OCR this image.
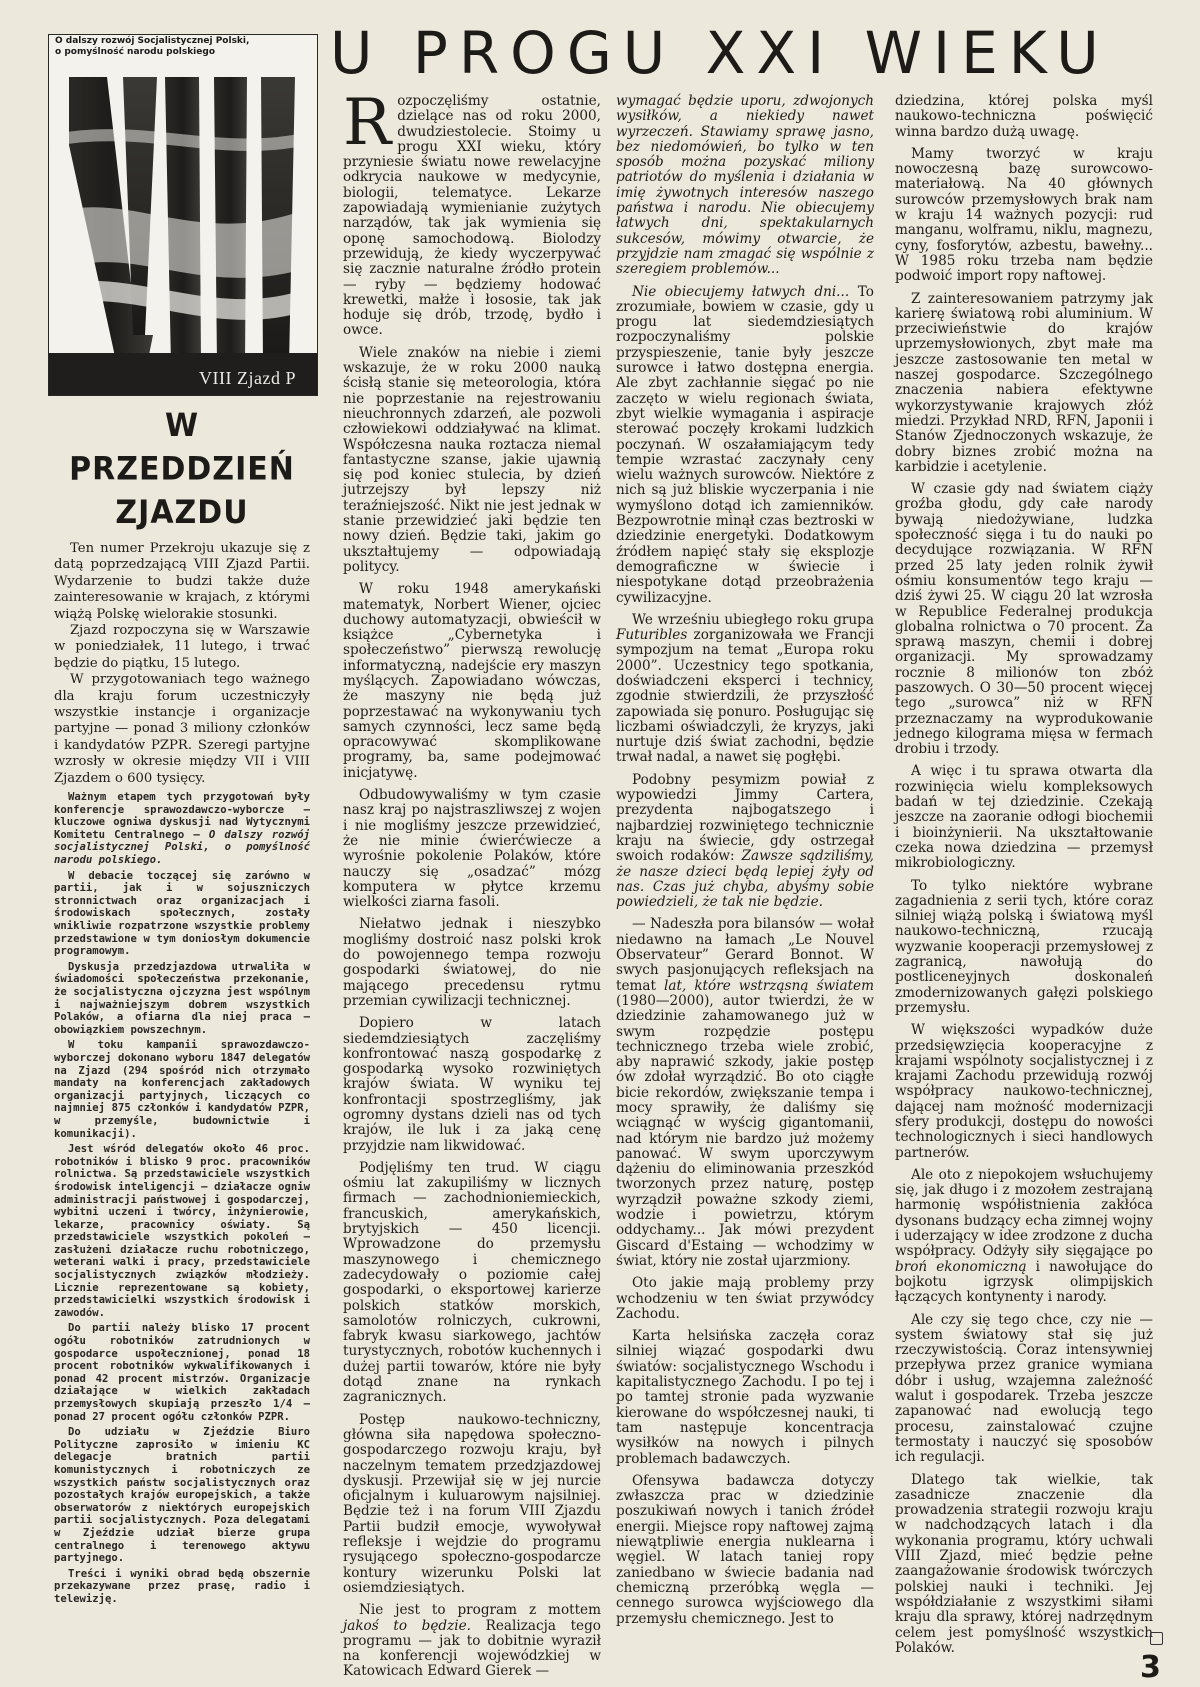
O dalszy rozwój Socjalistycznej Polski,
o pomyślność narodu polskiego
VIII Zjazd P
U PROGU XXI WIEKU
W PRZEDDZIEŃ
ZJAZDU

Ten numer Przekroju ukazuje się z datą poprzedzającą VIII Zjazd Partii. Wydarzenie to budzi także duże zainteresowanie w krajach, z którymi wiążą Polskę wielorakie stosunki.

Zjazd rozpoczyna się w Warszawie w poniedziałek, 11 lutego, i trwać będzie do piątku, 15 lutego.

W przygotowaniach tego ważnego dla kraju forum uczestniczyły wszystkie instancje i organizacje partyjne — ponad 3 miliony członków i kandydatów PZPR. Szeregi partyjne wzrosły w okresie między VII i VIII Zjazdem o 600 tysięcy.

Ważnym etapem tych przygotowań były konferencje sprawozdawczo-wyborcze — kluczowe ogniwa dyskusji nad Wytycznymi Komitetu Centralnego — O dalszy rozwój socjalistycznej Polski, o pomyślność narodu polskiego.

W debacie toczącej się zarówno w partii, jak i w sojuszniczych stronnictwach oraz organizacjach i środowiskach społecznych, zostały wnikliwie rozpatrzone wszystkie problemy przedstawione w tym doniosłym dokumencie programowym.

Dyskusja przedzjazdowa utrwaliła w świadomości społeczeństwa przekonanie, że socjalistyczna ojczyzna jest wspólnym i najważniejszym dobrem wszystkich Polaków, a ofiarna dla niej praca — obowiązkiem powszechnym.

W toku kampanii sprawozdawczo-wyborczej dokonano wyboru 1847 delegatów na Zjazd (294 spośród nich otrzymało mandaty na konferencjach zakładowych organizacji partyjnych, liczących co najmniej 875 członków i kandydatów PZPR, w przemyśle, budownictwie i komunikacji).

Jest wśród delegatów około 46 proc. robotników i blisko 9 proc. pracowników rolnictwa. Są przedstawiciele wszystkich środowisk inteligencji — działacze ogniw administracji państwowej i gospodarczej, wybitni uczeni i twórcy, inżynierowie, lekarze, pracownicy oświaty. Są przedstawiciele wszystkich pokoleń — zasłużeni działacze ruchu robotniczego, weterani walki i pracy, przedstawiciele socjalistycznych związków młodzieży. Licznie reprezentowane są kobiety, przedstawicielki wszystkich środowisk i zawodów.

Do partii należy blisko 17 procent ogółu robotników zatrudnionych w gospodarce uspołecznionej, ponad 18 procent robotników wykwalifikowanych i ponad 42 procent mistrzów. Organizacje działające w wielkich zakładach przemysłowych skupiają przeszło 1/4 — ponad 27 procent ogółu członków PZPR.

Do udziału w Zjeździe Biuro Polityczne zaprosiło w imieniu KC delegacje bratnich partii komunistycznych i robotniczych ze wszystkich państw socjalistycznych oraz pozostałych krajów europejskich, a także obserwatorów z niektórych europejskich partii socjalistycznych. Poza delegatami w Zjeździe udział bierze grupa centralnego i terenowego aktywu partyjnego.

Treści i wyniki obrad będą obszernie przekazywane przez prasę, radio i telewizję.

Rozpoczęliśmy ostatnie, dzielące nas od roku 2000, dwudziestolecie. Stoimy u progu XXI wieku, który przyniesie światu nowe rewelacyjne odkrycia naukowe w medycynie, biologii, telematyce. Lekarze zapowiadają wymienianie zużytych narządów, tak jak wymienia się oponę samochodową. Biolodzy przewidują, że kiedy wyczerpywać się zacznie naturalne źródło protein — ryby — będziemy hodować krewetki, małże i łososie, tak jak hoduje się drób, trzodę, bydło i owce.

Wiele znaków na niebie i ziemi wskazuje, że w roku 2000 nauką ścisłą stanie się meteorologia, która nie poprzestanie na rejestrowaniu nieuchronnych zdarzeń, ale pozwoli człowiekowi oddziaływać na klimat. Współczesna nauka roztacza niemal fantastyczne szanse, jakie ujawnią się pod koniec stulecia, by dzień jutrzejszy był lepszy niż teraźniejszość. Nikt nie jest jednak w stanie przewidzieć jaki będzie ten nowy dzień. Będzie taki, jakim go ukształtujemy — odpowiadają politycy.

W roku 1948 amerykański matematyk, Norbert Wiener, ojciec duchowy automatyzacji, obwieścił w książce „Cybernetyka i społeczeństwo” pierwszą rewolucję informatyczną, nadejście ery maszyn myślących. Zapowiadano wówczas, że maszyny nie będą już poprzestawać na wykonywaniu tych samych czynności, lecz same będą opracowywać skomplikowane programy, ba, same podejmować inicjatywę.

Odbudowywaliśmy w tym czasie nasz kraj po najstraszliwszej z wojen i nie mogliśmy jeszcze przewidzieć, że nie minie ćwierćwiecze a wyrośnie pokolenie Polaków, które nauczy się „osadzać” mózg komputera w płytce krzemu wielkości ziarna fasoli.

Niełatwo jednak i nieszybko mogliśmy dostroić nasz polski krok do powojennego tempa rozwoju gospodarki światowej, do nie mającego precedensu rytmu przemian cywilizacji technicznej.

Dopiero w latach siedemdziesiątych zaczęliśmy konfrontować naszą gospodarkę z gospodarką wysoko rozwiniętych krajów świata. W wyniku tej konfrontacji spostrzegliśmy, jak ogromny dystans dzieli nas od tych krajów, ile luk i za jaką cenę przyjdzie nam likwidować.

Podjęliśmy ten trud. W ciągu ośmiu lat zakupiliśmy w licznych firmach — zachodnioniemieckich, francuskich, amerykańskich, brytyjskich — 450 licencji. Wprowadzone do przemysłu maszynowego i chemicznego zadecydowały o poziomie całej gospodarki, o eksportowej karierze polskich statków morskich, samolotów rolniczych, cukrowni, fabryk kwasu siarkowego, jachtów turystycznych, robotów kuchennych i dużej partii towarów, które nie były dotąd znane na rynkach zagranicznych.

Postęp naukowo-techniczny, główna siła napędowa społeczno-gospodarczego rozwoju kraju, był naczelnym tematem przedzjazdowej dyskusji. Przewijał się w jej nurcie oficjalnym i kuluarowym najsilniej. Będzie też i na forum VIII Zjazdu Partii budził emocje, wywoływał refleksje i wejdzie do programu rysującego społeczno-gospodarcze kontury wizerunku Polski lat osiemdziesiątych.

Nie jest to program z mottem jakoś to będzie. Realizacja tego programu — jak to dobitnie wyraził na konferencji wojewódzkiej w Katowicach Edward Gierek —

wymagać będzie uporu, zdwojonych wysiłków, a niekiedy nawet wyrzeczeń. Stawiamy sprawę jasno, bez niedomówień, bo tylko w ten sposób można pozyskać miliony patriotów do myślenia i działania w imię żywotnych interesów naszego państwa i narodu. Nie obiecujemy łatwych dni, spektakularnych sukcesów, mówimy otwarcie, że przyjdzie nam zmagać się wspólnie z szeregiem problemów...

Nie obiecujemy łatwych dni... To zrozumiałe, bowiem w czasie, gdy u progu lat siedemdziesiątych rozpoczynaliśmy polskie przyspieszenie, tanie były jeszcze surowce i łatwo dostępna energia. Ale zbyt zachłannie sięgać po nie zaczęto w wielu regionach świata, zbyt wielkie wymagania i aspiracje sterować poczęły krokami ludzkich poczynań. W oszałamiającym tedy tempie wzrastać zaczynały ceny wielu ważnych surowców. Niektóre z nich są już bliskie wyczerpania i nie wymyślono dotąd ich zamienników. Bezpowrotnie minął czas beztroski w dziedzinie energetyki. Dodatkowym źródłem napięć stały się eksplozje demograficzne w świecie i niespotykane dotąd przeobrażenia cywilizacyjne.

We wrześniu ubiegłego roku grupa Futuribles zorganizowała we Francji sympozjum na temat „Europa roku 2000”. Uczestnicy tego spotkania, doświadczeni eksperci i technicy, zgodnie stwierdzili, że przyszłość zapowiada się ponuro. Posługując się liczbami oświadczyli, że kryzys, jaki nurtuje dziś świat zachodni, będzie trwał nadal, a nawet się pogłębi.

Podobny pesymizm powiał z wypowiedzi Jimmy Cartera, prezydenta najbogatszego i najbardziej rozwiniętego technicznie kraju na świecie, gdy ostrzegał swoich rodaków: Zawsze sądziliśmy, że nasze dzieci będą lepiej żyły od nas. Czas już chyba, abyśmy sobie powiedzieli, że tak nie będzie.

— Nadeszła pora bilansów — wołał niedawno na łamach „Le Nouvel Observateur” Gerard Bonnot. W swych pasjonujących refleksjach na temat lat, które wstrząsną światem (1980—2000), autor twierdzi, że w dziedzinie zahamowanego już w swym rozpędzie postępu technicznego trzeba wiele zrobić, aby naprawić szkody, jakie postęp ów zdołał wyrządzić. Bo oto ciągłe bicie rekordów, zwiększanie tempa i mocy sprawiły, że daliśmy się wciągnąć w wyścig gigantomanii, nad którym nie bardzo już możemy panować. W swym uporczywym dążeniu do eliminowania przeszkód tworzonych przez naturę, postęp wyrządził poważne szkody ziemi, wodzie i powietrzu, którym oddychamy... Jak mówi prezydent Giscard d'Estaing — wchodzimy w świat, który nie został ujarzmiony.

Oto jakie mają problemy przy wchodzeniu w ten świat przywódcy Zachodu.

Karta helsińska zaczęła coraz silniej wiązać gospodarki dwu światów: socjalistycznego Wschodu i kapitalistycznego Zachodu. I po tej i po tamtej stronie pada wyzwanie kierowane do współczesnej nauki, ti tam następuje koncentracja wysiłków na nowych i pilnych problemach badawczych.

Ofensywa badawcza dotyczy zwłaszcza prac w dziedzinie poszukiwań nowych i tanich źródeł energii. Miejsce ropy naftowej zajmą niewątpliwie energia nuklearna i węgiel. W latach taniej ropy zaniedbano w świecie badania nad chemiczną przeróbką węgla — cennego surowca wyjściowego dla przemysłu chemicznego. Jest to

dziedzina, której polska myśl naukowo-techniczna poświęcić winna bardzo dużą uwagę.

Mamy tworzyć w kraju nowoczesną bazę surowcowo-materiałową. Na 40 głównych surowców przemysłowych brak nam w kraju 14 ważnych pozycji: rud manganu, wolframu, niklu, magnezu, cyny, fosforytów, azbestu, bawełny... W 1985 roku trzeba nam będzie podwoić import ropy naftowej.

Z zainteresowaniem patrzymy jak karierę światową robi aluminium. W przeciwieństwie do krajów uprzemysłowionych, zbyt małe ma jeszcze zastosowanie ten metal w naszej gospodarce. Szczególnego znaczenia nabiera efektywne wykorzystywanie krajowych złóż miedzi. Przykład NRD, RFN, Japonii i Stanów Zjednoczonych wskazuje, że dobry biznes zrobić można na karbidzie i acetylenie.

W czasie gdy nad światem ciąży groźba głodu, gdy całe narody bywają niedożywiane, ludzka społeczność sięga i tu do nauki po decydujące rozwiązania. W RFN przed 25 laty jeden rolnik żywił ośmiu konsumentów tego kraju — dziś żywi 25. W ciągu 20 lat wzrosła w Republice Federalnej produkcja globalna rolnictwa o 70 procent. Za sprawą maszyn, chemii i dobrej organizacji. My sprowadzamy rocznie 8 milionów ton zbóż paszowych. O 30—50 procent więcej tego „surowca” niż w RFN przeznaczamy na wyprodukowanie jednego kilograma mięsa w fermach drobiu i trzody.

A więc i tu sprawa otwarta dla rozwinięcia wielu kompleksowych badań w tej dziedzinie. Czekają jeszcze na zaoranie odłogi biochemii i bioinżynierii. Na ukształtowanie czeka nowa dziedzina — przemysł mikrobiologiczny.

To tylko niektóre wybrane zagadnienia z serii tych, które coraz silniej wiążą polską i światową myśl naukowo-techniczną, rzucają wyzwanie kooperacji przemysłowej z zagranicą, nawołują do postliceneyjnych doskonaleń zmodernizowanych gałęzi polskiego przemysłu.

W większości wypadków duże przedsięwzięcia kooperacyjne z krajami wspólnoty socjalistycznej i z krajami Zachodu przewidują rozwój współpracy naukowo-technicznej, dającej nam możność modernizacji sfery produkcji, dostępu do nowości technologicznych i sieci handlowych partnerów.

Ale oto z niepokojem wsłuchujemy się, jak długo i z mozołem zestrajaną harmonię współistnienia zakłóca dysonans budzący echa zimnej wojny i uderzający w idee zrodzone z ducha współpracy. Odżyły siły sięgające po broń ekonomiczną i nawołujące do bojkotu igrzysk olimpijskich łączących kontynenty i narody.

Ale czy się tego chce, czy nie — system światowy stał się już rzeczywistością. Coraz intensywniej przepływa przez granice wymiana dóbr i usług, wzajemna zależność walut i gospodarek. Trzeba jeszcze zapanować nad ewolucją tego procesu, zainstalować czujne termostaty i nauczyć się sposobów ich regulacji.

Dlatego tak wielkie, tak zasadnicze znaczenie dla prowadzenia strategii rozwoju kraju w nadchodzących latach i dla wykonania programu, który uchwali VIII Zjazd, mieć będzie pełne zaangażowanie środowisk twórczych polskiej nauki i techniki. Jej współdziałanie z wszystkimi siłami kraju dla sprawy, której nadrzędnym celem jest pomyślność wszystkich Polaków.

3
